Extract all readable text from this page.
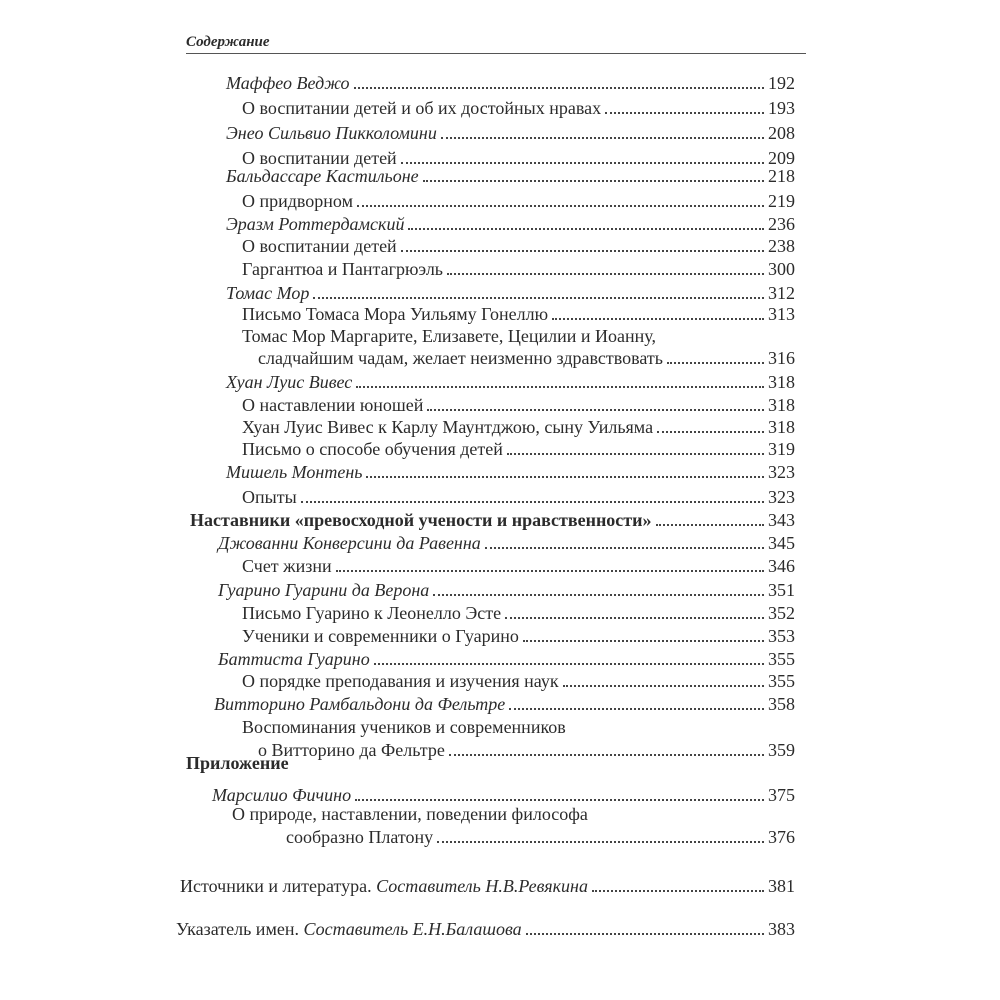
Содержание
Маффео Веджо	192
О воспитании детей и об их достойных нравах	193
Энео Сильвио Пикколомини	208
О воспитании детей	209
Бальдассаре Кастильоне	218
О придворном	219
Эразм Роттердамский	236
О воспитании детей	238
Гаргантюа и Пантагрюэль	300
Томас Мор	312
Письмо Томаса Мора Уильяму Гонеллю	313
Томас Мор Маргарите, Елизавете, Цецилии и Иоанну,
сладчайшим чадам, желает неизменно здравствовать	316
Хуан Луис Вивес	318
О наставлении юношей	318
Хуан Луис Вивес к Карлу Маунтджою, сыну Уильяма	318
Письмо о способе обучения детей	319
Мишель Монтень	323
Опыты	323
Наставники «превосходной учености и нравственности»	343
Джованни Конверсини да Равенна	345
Счет жизни	346
Гуарино Гуарини да Верона	351
Письмо Гуарино к Леонелло Эсте	352
Ученики и современники о Гуарино	353
Баттиста Гуарино	355
О порядке преподавания и изучения наук	355
Витторино Рамбальдони да Фельтре	358
Воспоминания учеников и современников
о Витторино да Фельтре	359
Приложение
Марсилио Фичино	375
О природе, наставлении, поведении философа
сообразно Платону	376
Источники и литература. Составитель Н.В.Ревякина	381
Указатель имен. Составитель Е.Н.Балашова	383
